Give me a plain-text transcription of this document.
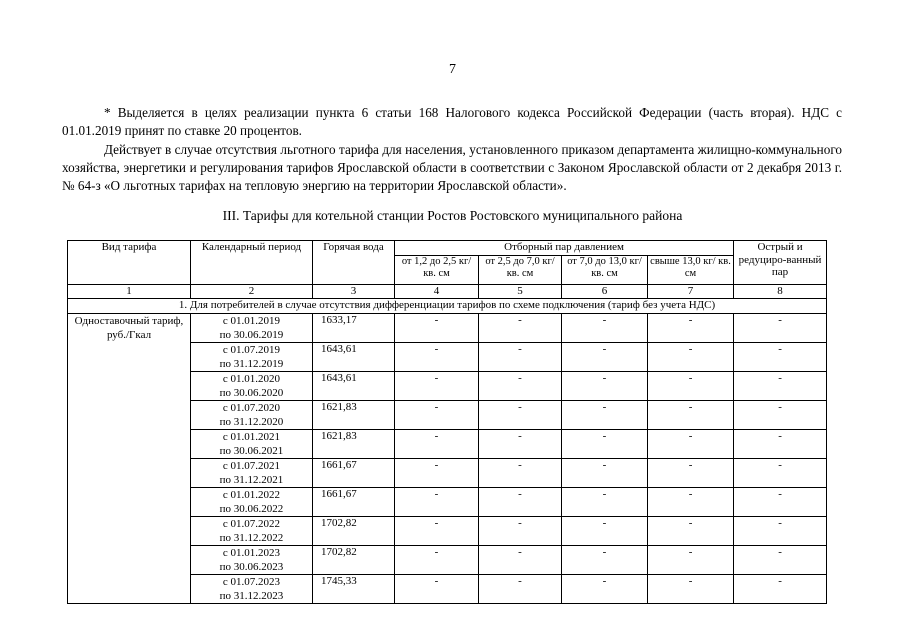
7

* Выделяется в целях реализации пункта 6 статьи 168 Налогового кодекса Российской Федерации (часть вторая). НДС с 01.01.2019 принят по ставке 20 процентов.

Действует в случае отсутствия льготного тарифа для населения, установленного приказом департамента жилищно-коммунального хозяйства, энергетики и регулирования тарифов Ярославской области в соответствии с Законом Ярославской области от 2 декабря 2013 г. № 64-з «О льготных тарифах на тепловую энергию на территории Ярославской области».

III. Тарифы для котельной станции Ростов Ростовского муниципального района
Вид тарифа	Календарный период	Горячая вода	Отборный пар давлением				Острый и редуциро-ванный пар
			от 1,2 до 2,5 кг/ кв. см	от 2,5 до 7,0 кг/ кв. см	от 7,0 до 13,0 кг/ кв. см	свыше 13,0 кг/ кв. см	
1	2	3	4	5	6	7	8
1. Для потребителей в случае отсутствия дифференциации тарифов по схеме подключения (тариф без учета НДС)							
Одноставочный тариф, руб./Гкал	с 01.01.2019
по 30.06.2019	1633,17	-	-	-	-	-

	с 01.07.2019
по 31.12.2019	1643,61	-	-	-	-	-

	с 01.01.2020
по 30.06.2020	1643,61	-	-	-	-	-

	с 01.07.2020
по 31.12.2020	1621,83	-	-	-	-	-

	с 01.01.2021
по 30.06.2021	1621,83	-	-	-	-	-

	с 01.07.2021
по 31.12.2021	1661,67	-	-	-	-	-

	с 01.01.2022
по 30.06.2022	1661,67	-	-	-	-	-

	с 01.07.2022
по 31.12.2022	1702,82	-	-	-	-	-

	с 01.01.2023
по 30.06.2023	1702,82	-	-	-	-	-

	с 01.07.2023
по 31.12.2023	1745,33	-	-	-	-	-
